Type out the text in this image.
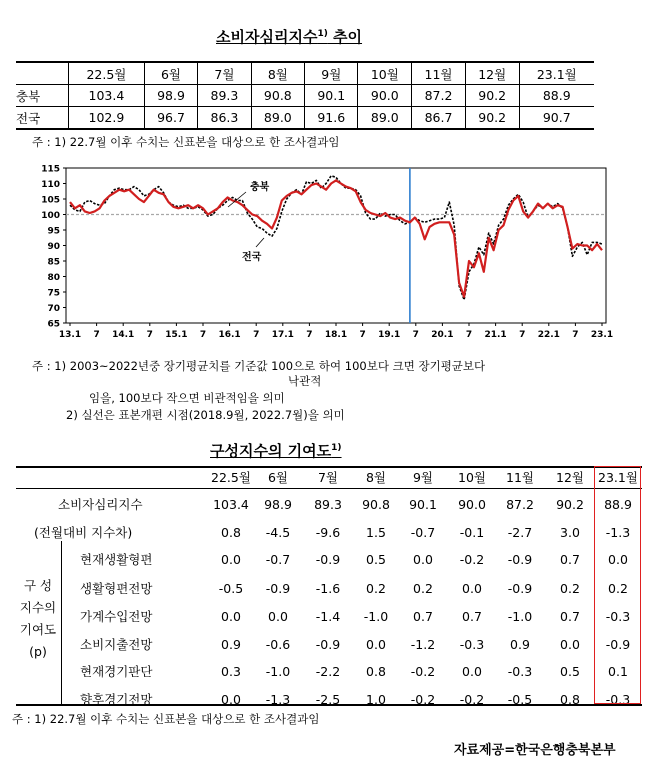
소비자심리지수$^{1)}$ 추이
	22.5월	6월	7월	8월	9월	10월	11월	12월	23.1월
충북	103.4	98.9	89.3	90.8	90.1	90.0	87.2	90.2	88.9
전국	102.9	96.7	86.3	89.0	91.6	89.0	86.7	90.2	90.7
주 : 1) 22.7월 이후 수치는 신표본을 대상으로 한 조사결과임
115
110
105
100
95
90
85
80
75
70
65
13.1 7 14.1 7 15.1 7 16.1 7 17.1 7 18.1 7 19.1 7 20.1 7 21.1 7 22.1 7 23.1
충북
전국
주 : 1) 2003~2022년중 장기평균치를 기준값 100으로 하여 100보다 크면 장기평균보다
낙관적
임을, 100보다 작으면 비관적임을 의미
2) 실선은 표본개편 시점(2018.9월, 2022.7월)을 의미
구성지수의 기여도$^{1)}$
22.5월	6월	7월	8월	9월	10월	11월	12월	23.1월
소비자심리지수	103.4	98.9	89.3	90.8	90.1	90.0	87.2	90.2	88.9
(전월대비 지수차)	0.8	-4.5	-9.6	1.5	-0.7	-0.1	-2.7	3.0	-1.3
구 성
지수의
기여도
(p)
현재생활형편	0.0	-0.7	-0.9	0.5	0.0	-0.2	-0.9	0.7	0.0
생활형편전망	-0.5	-0.9	-1.6	0.2	0.2	0.0	-0.9	0.2	0.2
가계수입전망	0.0	0.0	-1.4	-1.0	0.7	0.7	-1.0	0.7	-0.3
소비지출전망	0.9	-0.6	-0.9	0.0	-1.2	-0.3	0.9	0.0	-0.9
현재경기판단	0.3	-1.0	-2.2	0.8	-0.2	0.0	-0.3	0.5	0.1
향후경기전망	0.0	-1.3	-2.5	1.0	-0.2	-0.2	-0.5	0.8	-0.3
주 : 1) 22.7월 이후 수치는 신표본을 대상으로 한 조사결과임
자료제공=한국은행충북본부
